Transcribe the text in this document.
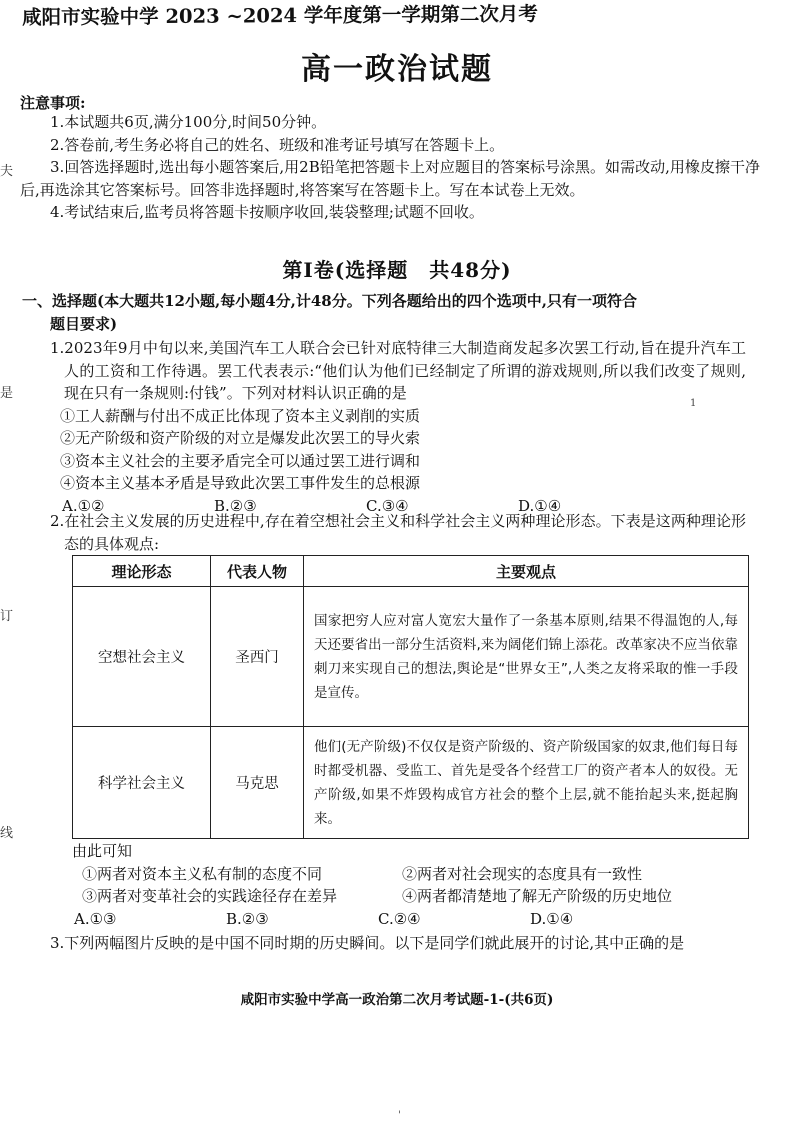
咸阳市实验中学 2023 ~2024 学年度第一学期第二次月考
高一政治试题
注意事项:
1.本试题共6页,满分100分,时间50分钟。
2.答卷前,考生务必将自己的姓名、班级和准考证号填写在答题卡上。
3.回答选择题时,选出每小题答案后,用2B铅笔把答题卡上对应题目的答案标号涂黑。如需改动,用橡皮擦干净后,再选涂其它答案标号。回答非选择题时,将答案写在答题卡上。写在本试卷上无效。
4.考试结束后,监考员将答题卡按顺序收回,装袋整理;试题不回收。
第Ⅰ卷(选择题　共48分)
一、选择题(本大题共12小题,每小题4分,计48分。下列各题给出的四个选项中,只有一项符合
题目要求)
1.2023年9月中旬以来,美国汽车工人联合会已针对底特律三大制造商发起多次罢工行动,旨在提升汽车工人的工资和工作待遇。罢工代表表示:“他们认为他们已经制定了所谓的游戏规则,所以我们改变了规则,现在只有一条规则:付钱”。下列对材料认识正确的是
①工人薪酬与付出不成正比体现了资本主义剥削的实质
②无产阶级和资产阶级的对立是爆发此次罢工的导火索
③资本主义社会的主要矛盾完全可以通过罢工进行调和
④资本主义基本矛盾是导致此次罢工事件发生的总根源
A.①②	B.②③	C.③④	D.①④
2.在社会主义发展的历史进程中,存在着空想社会主义和科学社会主义两种理论形态。下表是这两种理论形态的具体观点:
理论形态	代表人物	主要观点
空想社会主义	圣西门	国家把穷人应对富人宽宏大量作了一条基本原则,结果不得温饱的人,每天还要省出一部分生活资料,来为阔佬们锦上添花。改革家决不应当依靠刺刀来实现自己的想法,舆论是“世界女王”,人类之友将采取的惟一手段是宣传。
科学社会主义	马克思	他们(无产阶级)不仅仅是资产阶级的、资产阶级国家的奴隶,他们每日每时都受机器、受监工、首先是受各个经营工厂的资产者本人的奴役。无产阶级,如果不炸毁构成官方社会的整个上层,就不能抬起头来,挺起胸来。
由此可知
①两者对资本主义私有制的态度不同	②两者对社会现实的态度具有一致性
③两者对变革社会的实践途径存在差异	④两者都清楚地了解无产阶级的历史地位
A.①③	B.②③	C.②④	D.①④
3.下列两幅图片反映的是中国不同时期的历史瞬间。以下是同学们就此展开的讨论,其中正确的是
咸阳市实验中学高一政治第二次月考试题-1-(共6页)
夫
是
订
线
1
'
